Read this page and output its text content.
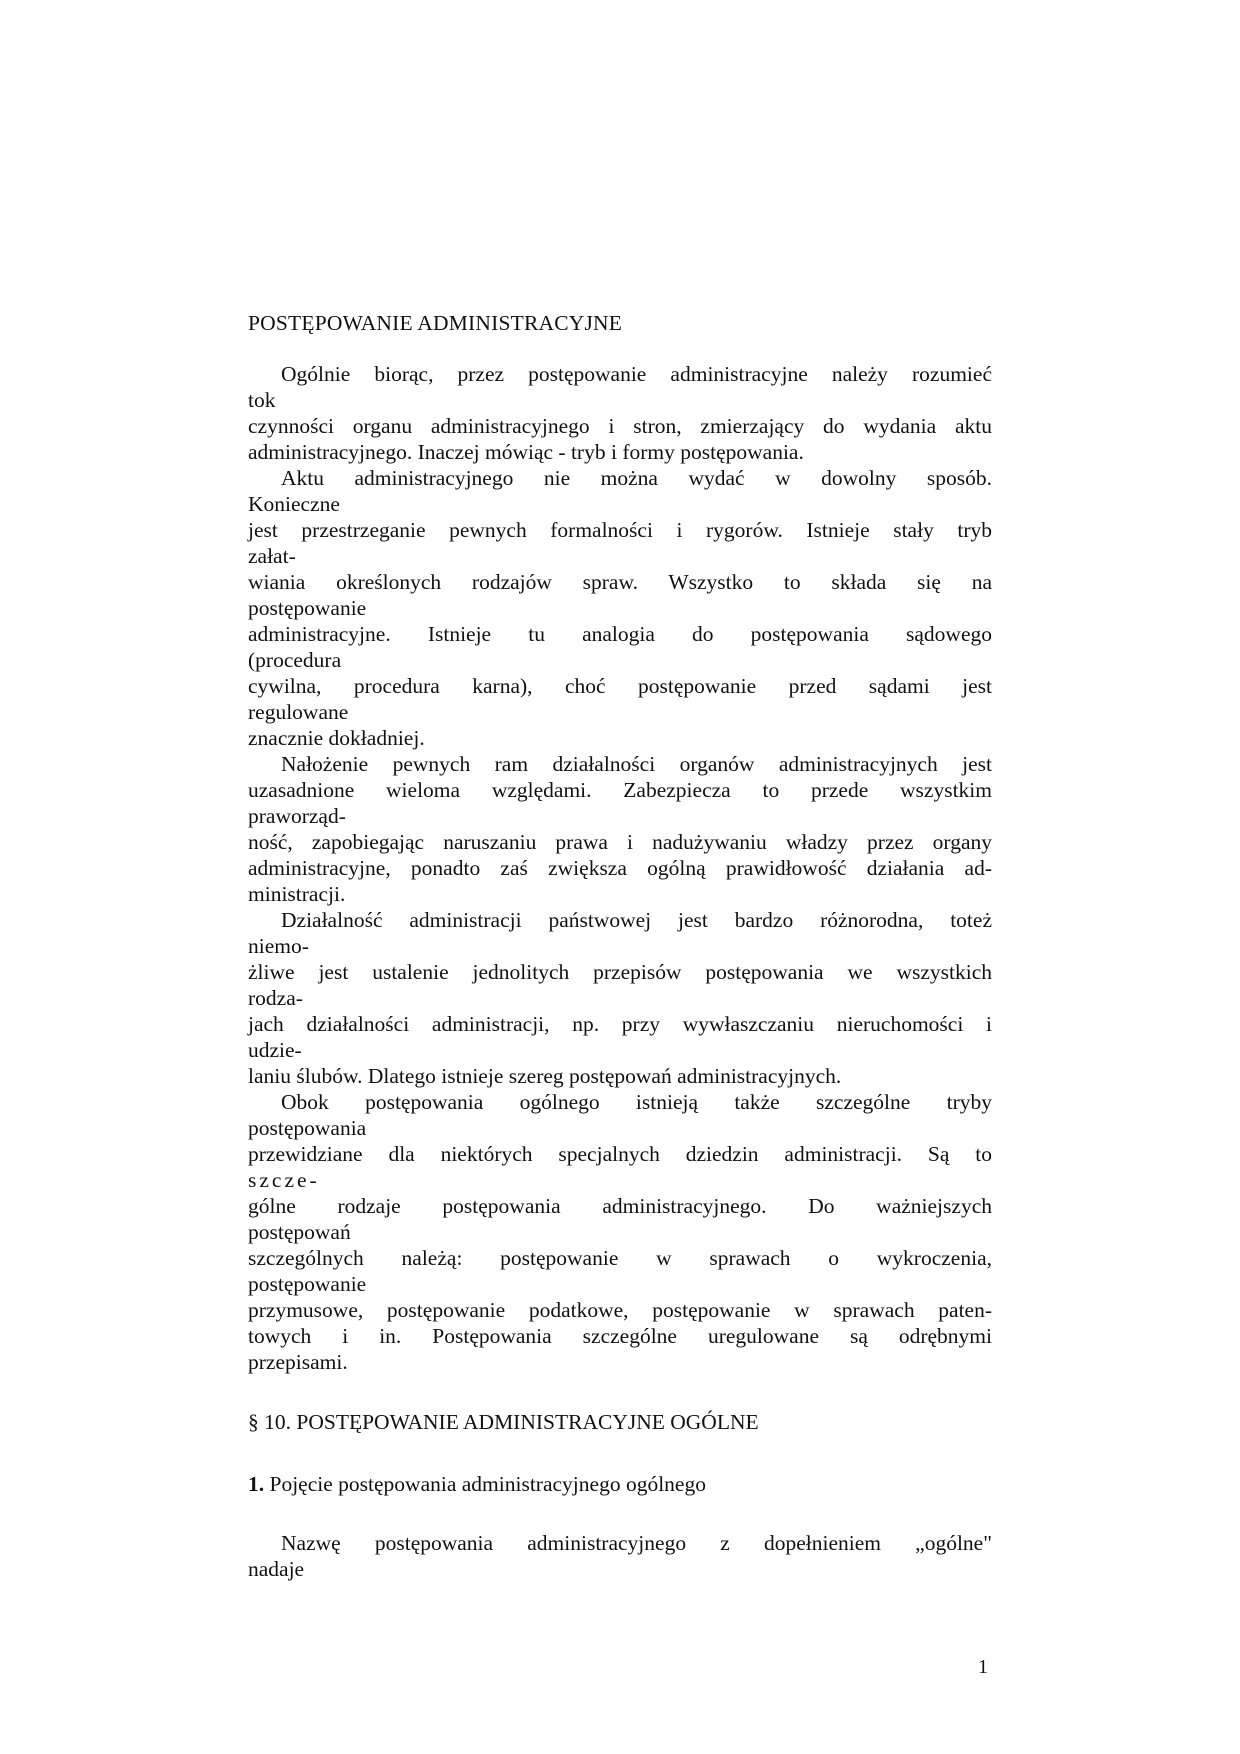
POSTĘPOWANIE ADMINISTRACYJNE
Ogólnie biorąc, przez postępowanie administracyjne należy rozumieć
tok
czynności organu administracyjnego i stron, zmierzający do wydania aktu
administracyjnego. Inaczej mówiąc - tryb i formy postępowania.
Aktu administracyjnego nie można wydać w dowolny sposób.
Konieczne
jest przestrzeganie pewnych formalności i rygorów. Istnieje stały tryb
załat-
wiania określonych rodzajów spraw. Wszystko to składa się na
postępowanie
administracyjne. Istnieje tu analogia do postępowania sądowego
(procedura
cywilna, procedura karna), choć postępowanie przed sądami jest
regulowane
znacznie dokładniej.
Nałożenie pewnych ram działalności organów administracyjnych jest
uzasadnione wieloma względami. Zabezpiecza to przede wszystkim
praworząd-
ność, zapobiegając naruszaniu prawa i nadużywaniu władzy przez organy
administracyjne, ponadto zaś zwiększa ogólną prawidłowość działania ad-
ministracji.
Działalność administracji państwowej jest bardzo różnorodna, toteż
niemo-
żliwe jest ustalenie jednolitych przepisów postępowania we wszystkich
rodza-
jach działalności administracji, np. przy wywłaszczaniu nieruchomości i
udzie-
laniu ślubów. Dlatego istnieje szereg postępowań administracyjnych.
Obok postępowania ogólnego istnieją także szczególne tryby
postępowania
przewidziane dla niektórych specjalnych dziedzin administracji. Są to
szcze-
gólne rodzaje postępowania administracyjnego. Do ważniejszych
postępowań
szczególnych należą: postępowanie w sprawach o wykroczenia,
postępowanie
przymusowe, postępowanie podatkowe, postępowanie w sprawach paten-
towych i in. Postępowania szczególne uregulowane są odrębnymi
przepisami.
§ 10. POSTĘPOWANIE ADMINISTRACYJNE OGÓLNE
1. Pojęcie postępowania administracyjnego ogólnego
Nazwę postępowania administracyjnego z dopełnieniem „ogólne"
nadaje
1
